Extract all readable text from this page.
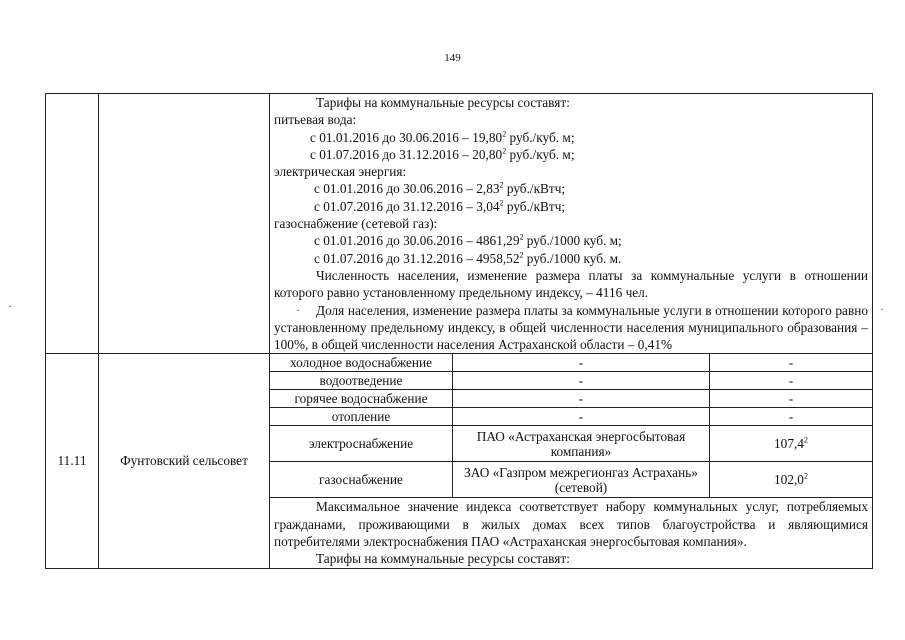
149
·	·	·

Тарифы на коммунальные ресурсы составят:

питьевая вода:

с 01.01.2016 до 30.06.2016 – 19,80$^2$ руб./куб. м;

с 01.07.2016 до 31.12.2016 – 20,80$^2$ руб./куб. м;

электрическая энергия:

с 01.01.2016 до 30.06.2016 – 2,83$^2$ руб./кВтч;

с 01.07.2016 до 31.12.2016 – 3,04$^2$ руб./кВтч;

газоснабжение (сетевой газ):

с 01.01.2016 до 30.06.2016 – 4861,29$^2$ руб./1000 куб. м;

с 01.07.2016 до 31.12.2016 – 4958,52$^2$ руб./1000 куб. м.

Численность населения, изменение размера платы за коммунальные услуги в отношении которого равно установленному предельному индексу, – 4116 чел.

Доля населения, изменение размера платы за коммунальные услуги в отношении которого равно установленному предельному индексу, в общей численности населения муниципального образования – 100%, в общей численности населения Астраханской области – 0,41%

11.11	Фунтовский сельсовет	
холодное водоснабжение	-	-
водоотведение	-	-
горячее водоснабжение	-	-
отопление	-	-
электроснабжение	ПАО «Астраханская энергосбытовая компания»	107,4$^2$
газоснабжение	ЗАО «Газпром межрегионгаз Астрахань» (сетевой)	102,0$^2$

Максимальное значение индекса соответствует набору коммунальных услуг, потребляемых гражданами, проживающими в жилых домах всех типов благоустройства и являющимися потребителями электроснабжения ПАО «Астраханская энергосбытовая компания».

Тарифы на коммунальные ресурсы составят:
